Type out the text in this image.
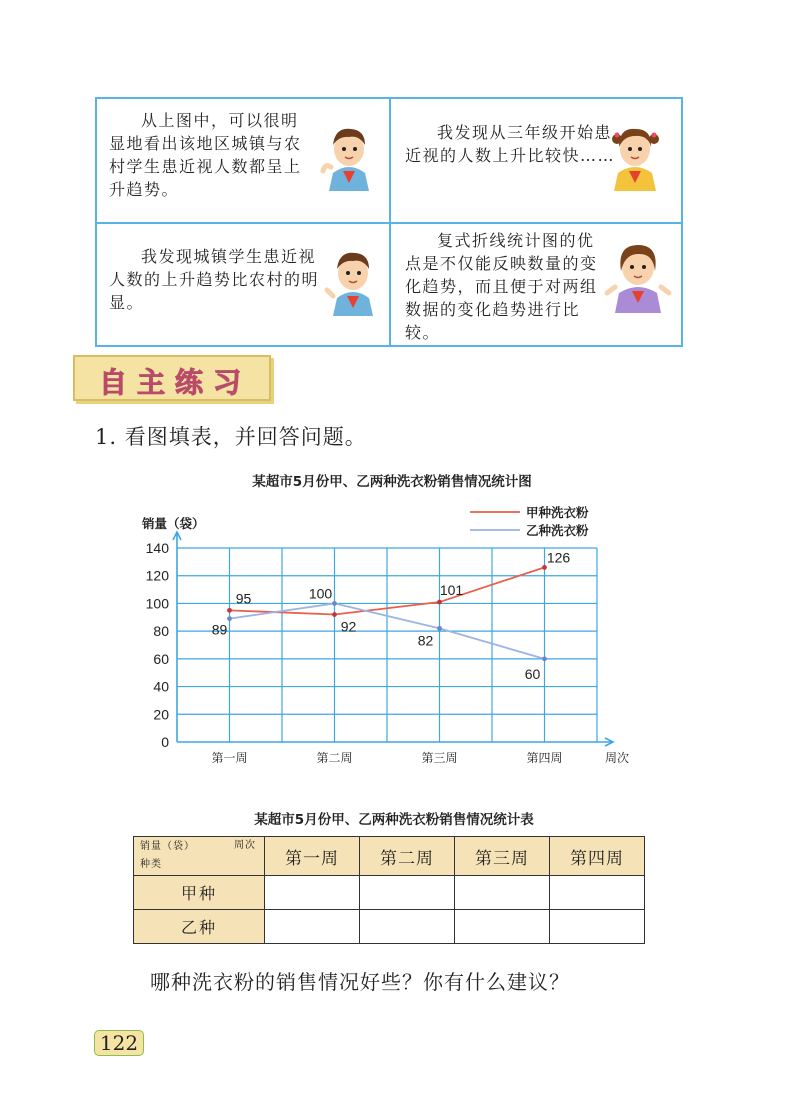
从上图中，可以很明显地看出该地区城镇与农村学生患近视人数都呈上升趋势。

我发现从三年级开始患近视的人数上升比较快……

我发现城镇学生患近视人数的上升趋势比农村的明显。

复式折线统计图的优点是不仅能反映数量的变化趋势，而且便于对两组数据的变化趋势进行比较。

自主练习
1. 看图填表，并回答问题。
某超市5月份甲、乙两种洗衣粉销售情况统计图
0
20
40
60
80
100
120
140
第一周	第二周	第三周	第四周	周次
销量（袋）
95
92
101
126
89
100
82
60
甲种洗衣粉
乙种洗衣粉
某超市5月份甲、乙两种洗衣粉销售情况统计表
销量（袋） 周次
种类	第一周	第二周	第三周	第四周
甲种				
乙种				
哪种洗衣粉的销售情况好些？你有什么建议？
122
